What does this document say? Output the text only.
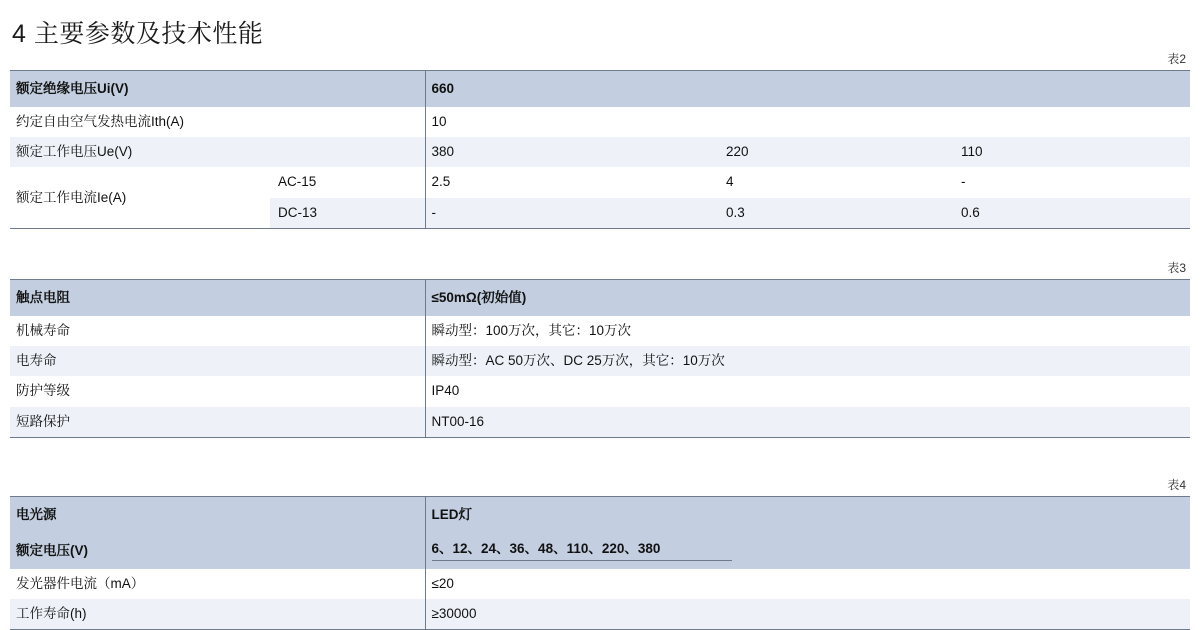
4 主要参数及技术性能
表2
额定绝缘电压Ui(V)		660		
约定自由空气发热电流Ith(A)		10		
额定工作电压Ue(V)		380	220	110
额定工作电流Ie(A)	AC-15	2.5	4	-
	DC-13	-	0.3	0.6
表3
触点电阻	≤50mΩ(初始值)
机械寿命	瞬动型：100万次，其它：10万次
电寿命	瞬动型：AC 50万次、DC 25万次，其它：10万次
防护等级	IP40
短路保护	NT00-16
表4
电光源	LED灯
额定电压(V)	6、12、24、36、48、110、220、380
发光器件电流（mA）	≤20
工作寿命(h)	≥30000
